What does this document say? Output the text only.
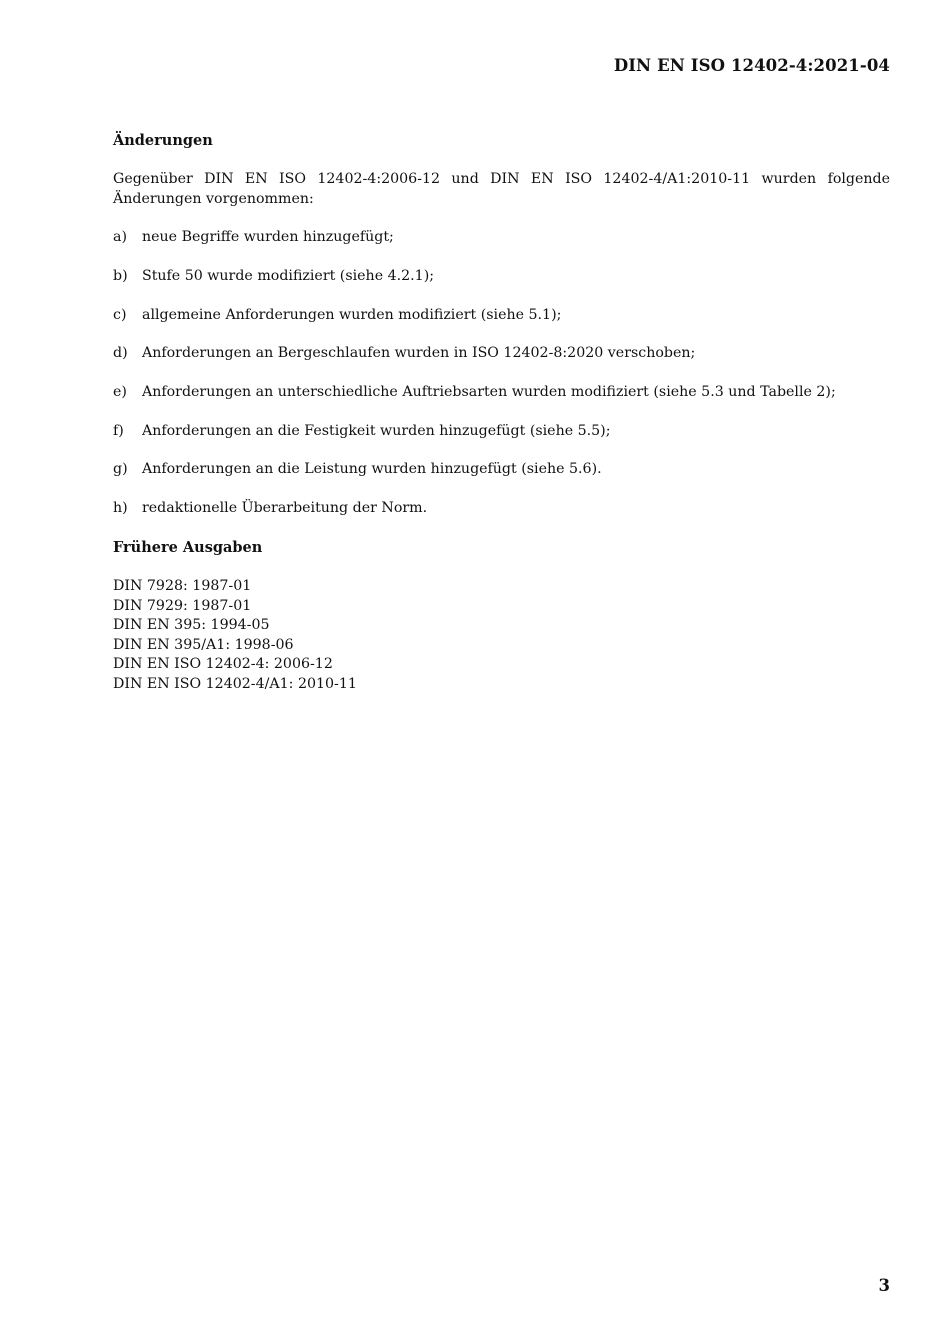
DIN EN ISO 12402-4:2021-04
Änderungen

Gegenüber DIN EN ISO 12402-4:2006-12 und DIN EN ISO 12402-4/A1:2010-11 wurden folgende Änderungen vorgenommen:

a)	neue Begriffe wurden hinzugefügt;
b)	Stufe 50 wurde modifiziert (siehe 4.2.1);
c)	allgemeine Anforderungen wurden modifiziert (siehe 5.1);
d)	Anforderungen an Bergeschlaufen wurden in ISO 12402-8:2020 verschoben;
e)	Anforderungen an unterschiedliche Auftriebsarten wurden modifiziert (siehe 5.3 und Tabelle 2);
f)	Anforderungen an die Festigkeit wurden hinzugefügt (siehe 5.5);
g)	Anforderungen an die Leistung wurden hinzugefügt (siehe 5.6).
h)	redaktionelle Überarbeitung der Norm.
Frühere Ausgaben
DIN 7928: 1987-01
DIN 7929: 1987-01
DIN EN 395: 1994-05
DIN EN 395/A1: 1998-06
DIN EN ISO 12402-4: 2006-12
DIN EN ISO 12402-4/A1: 2010-11
3
